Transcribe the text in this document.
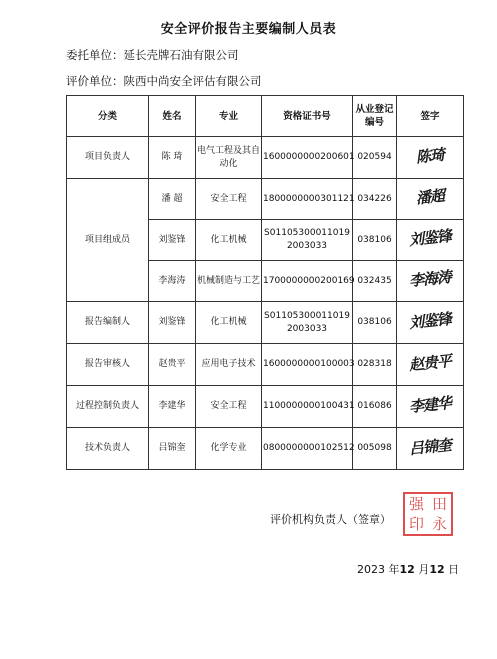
安全评价报告主要编制人员表
委托单位：延长壳牌石油有限公司
评价单位：陕西中尚安全评估有限公司
分类	姓名	专业	资格证书号	从业登记编号	签字
项目负责人	陈 琦	电气工程及其自动化	1600000000200601	020594	陈琦
项目组成员	潘 超	安全工程	1800000000301121	034226	潘超
	刘鉴锋	化工机械	S011053000110192003033	038106	刘鉴锋
	李海涛	机械制造与工艺	1700000000200169	032435	李海涛
报告编制人	刘鉴锋	化工机械	S011053000110192003033	038106	刘鉴锋
报告审核人	赵贵平	应用电子技术	1600000000100003	028318	赵贵平
过程控制负责人	李建华	安全工程	1100000000100431	016086	李建华
技术负责人	吕锦奎	化学专业	0800000000102512	005098	吕锦奎
评价机构负责人（签章）
强 田
印 永
2023 年12 月12 日
